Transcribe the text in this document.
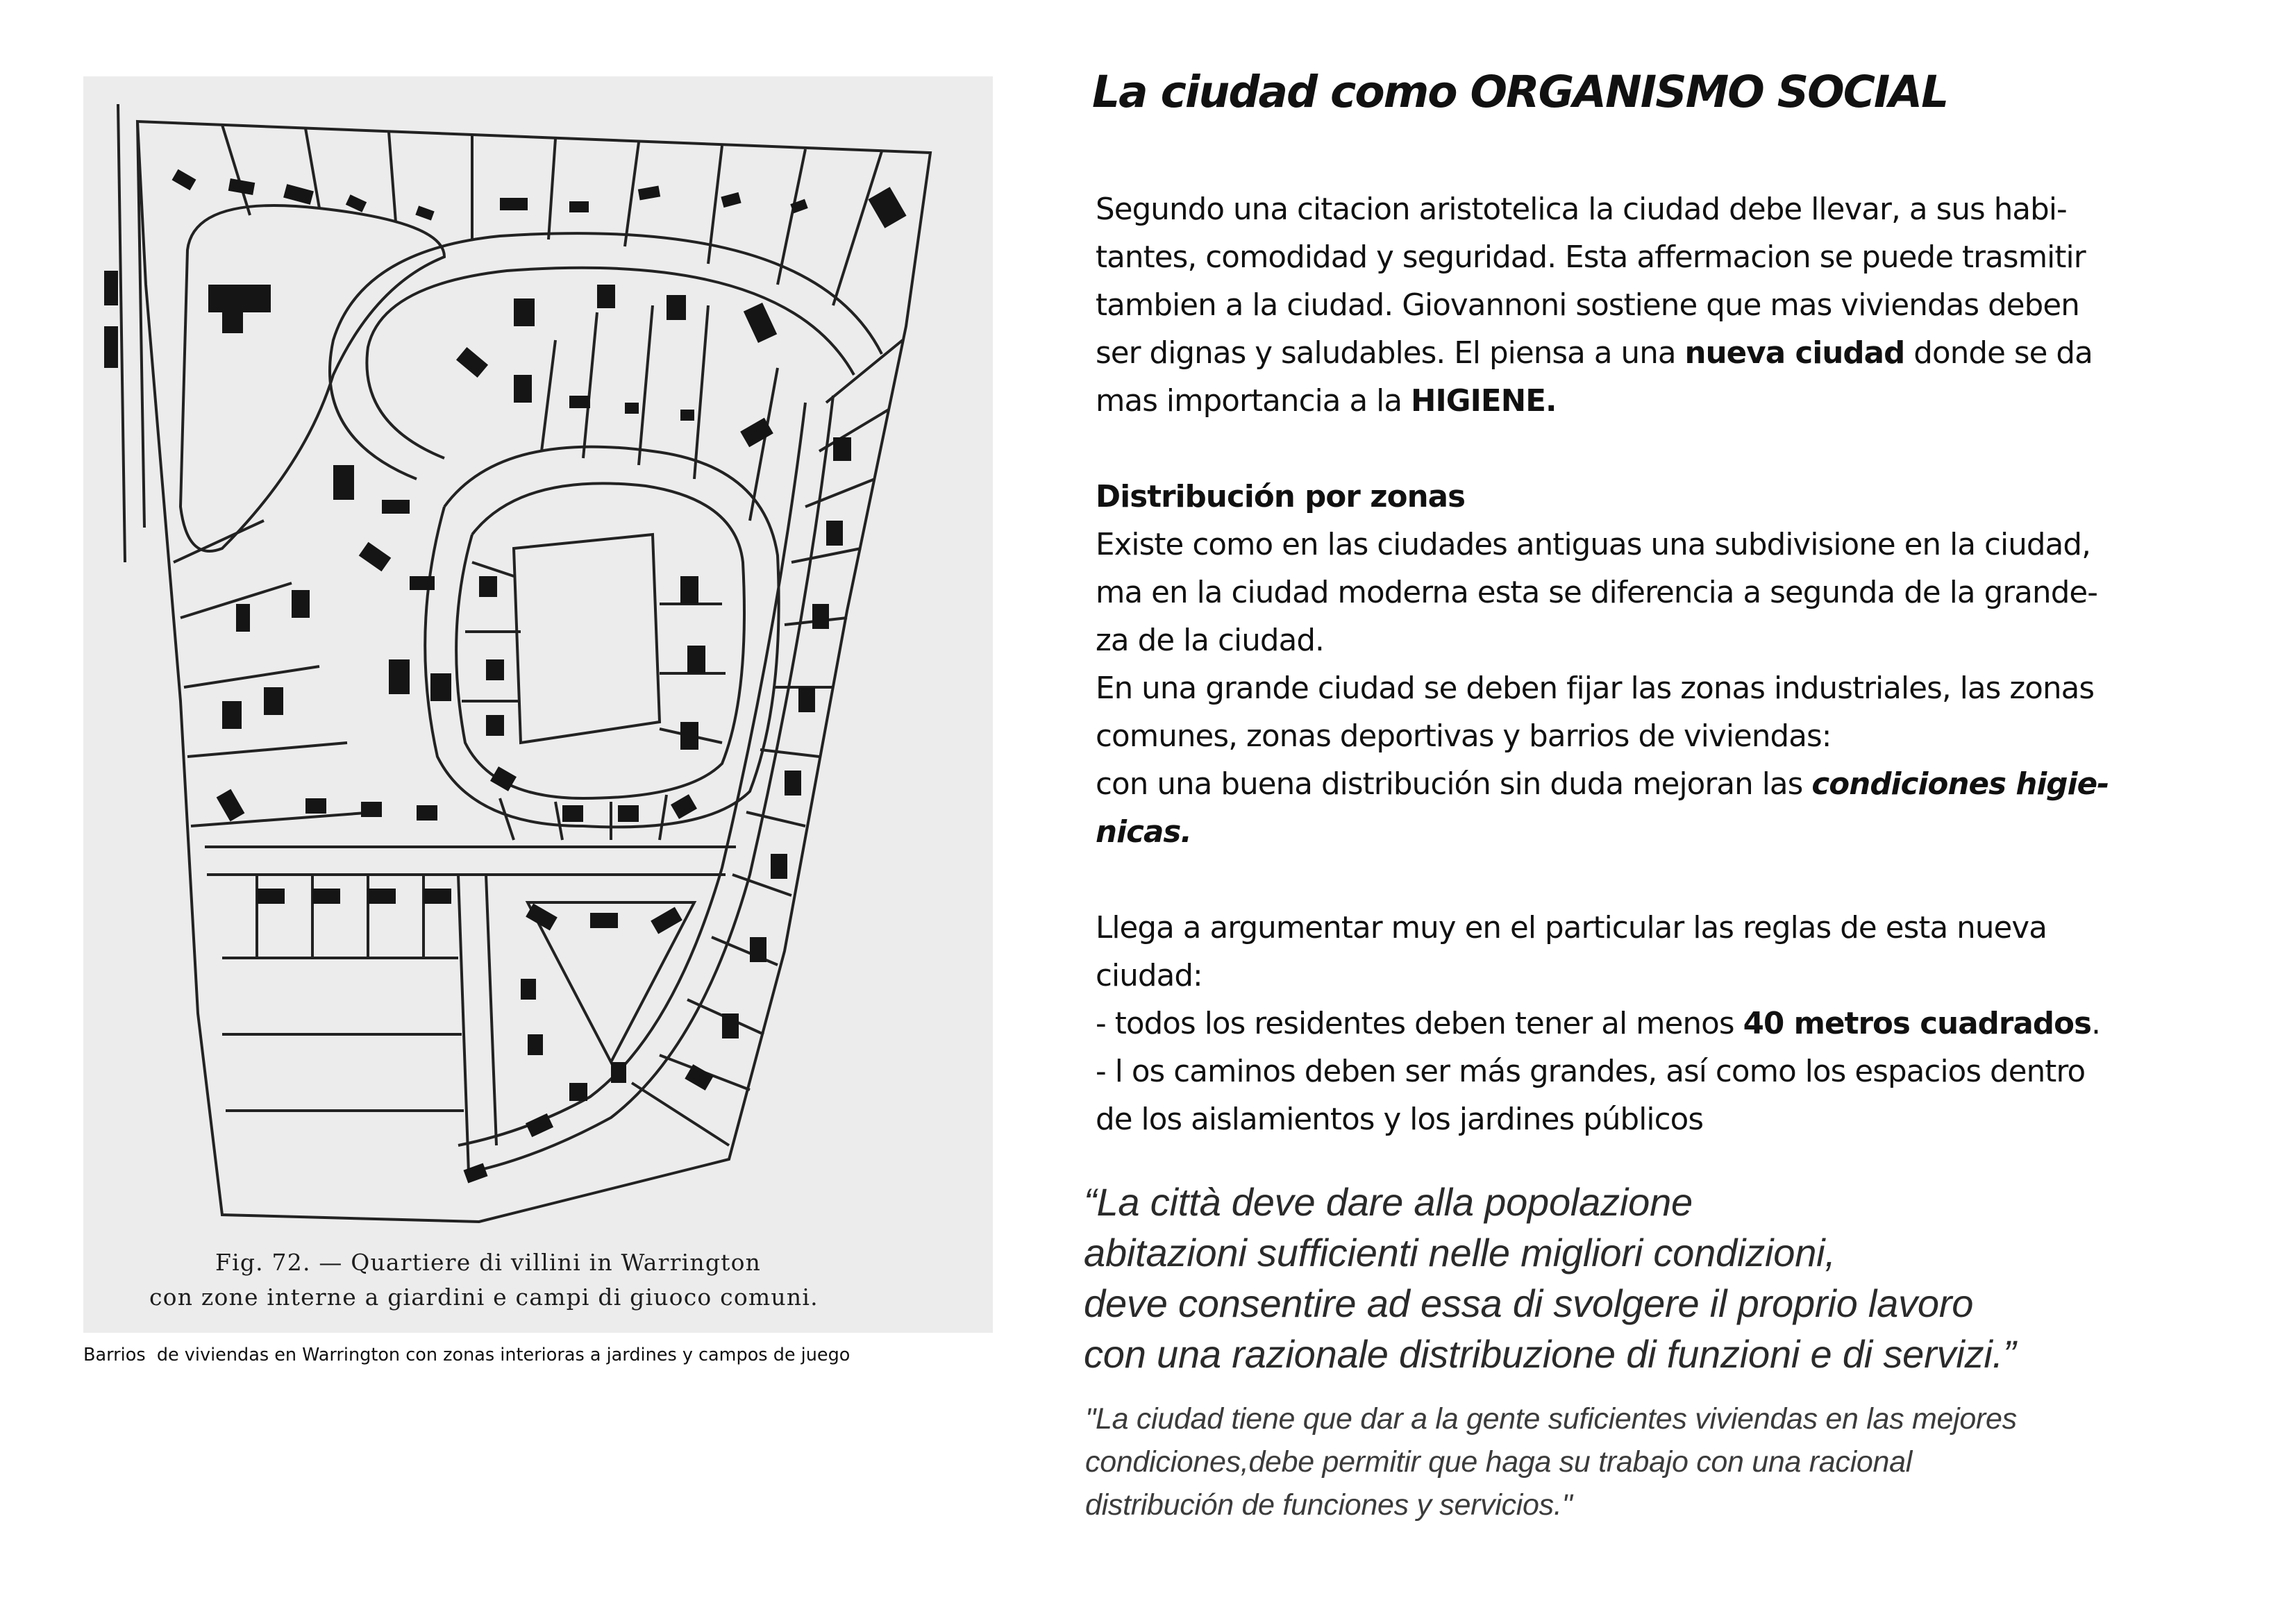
Fig. 72. — Quartiere di villini in Warrington
con zone interne a giardini e campi di giuoco comuni.
Barrios  de viviendas en Warrington con zonas interioras a jardines y campos de juego
La ciudad como ORGANISMO SOCIAL
Segundo una citacion aristotelica la ciudad debe llevar, a sus habi-
tantes, comodidad y seguridad. Esta affermacion se puede trasmitir
tambien a la ciudad. Giovannoni sostiene que mas viviendas deben
ser dignas y saludables. El piensa a una nueva ciudad donde se da
mas importancia a la HIGIENE.
Distribución por zonas
Existe como en las ciudades antiguas una subdivisione en la ciudad,
ma en la ciudad moderna esta se diferencia a segunda de la grande-
za de la ciudad.
En una grande ciudad se deben fijar las zonas industriales, las zonas
comunes, zonas deportivas y barrios de viviendas:
con una buena distribución sin duda mejoran las condiciones higie-
nicas.
Llega a argumentar muy en el particular las reglas de esta nueva
ciudad:
- todos los residentes deben tener al menos 40 metros cuadrados.
- l os caminos deben ser más grandes, así como los espacios dentro
de los aislamientos y los jardines públicos
“La città deve dare alla popolazione
abitazioni sufficienti nelle migliori condizioni,
deve consentire ad essa di svolgere il proprio lavoro
con una razionale distribuzione di funzioni e di servizi.”
"La ciudad tiene que dar a la gente suficientes viviendas en las mejores
condiciones,debe permitir que haga su trabajo con una racional
distribución de funciones y servicios."
